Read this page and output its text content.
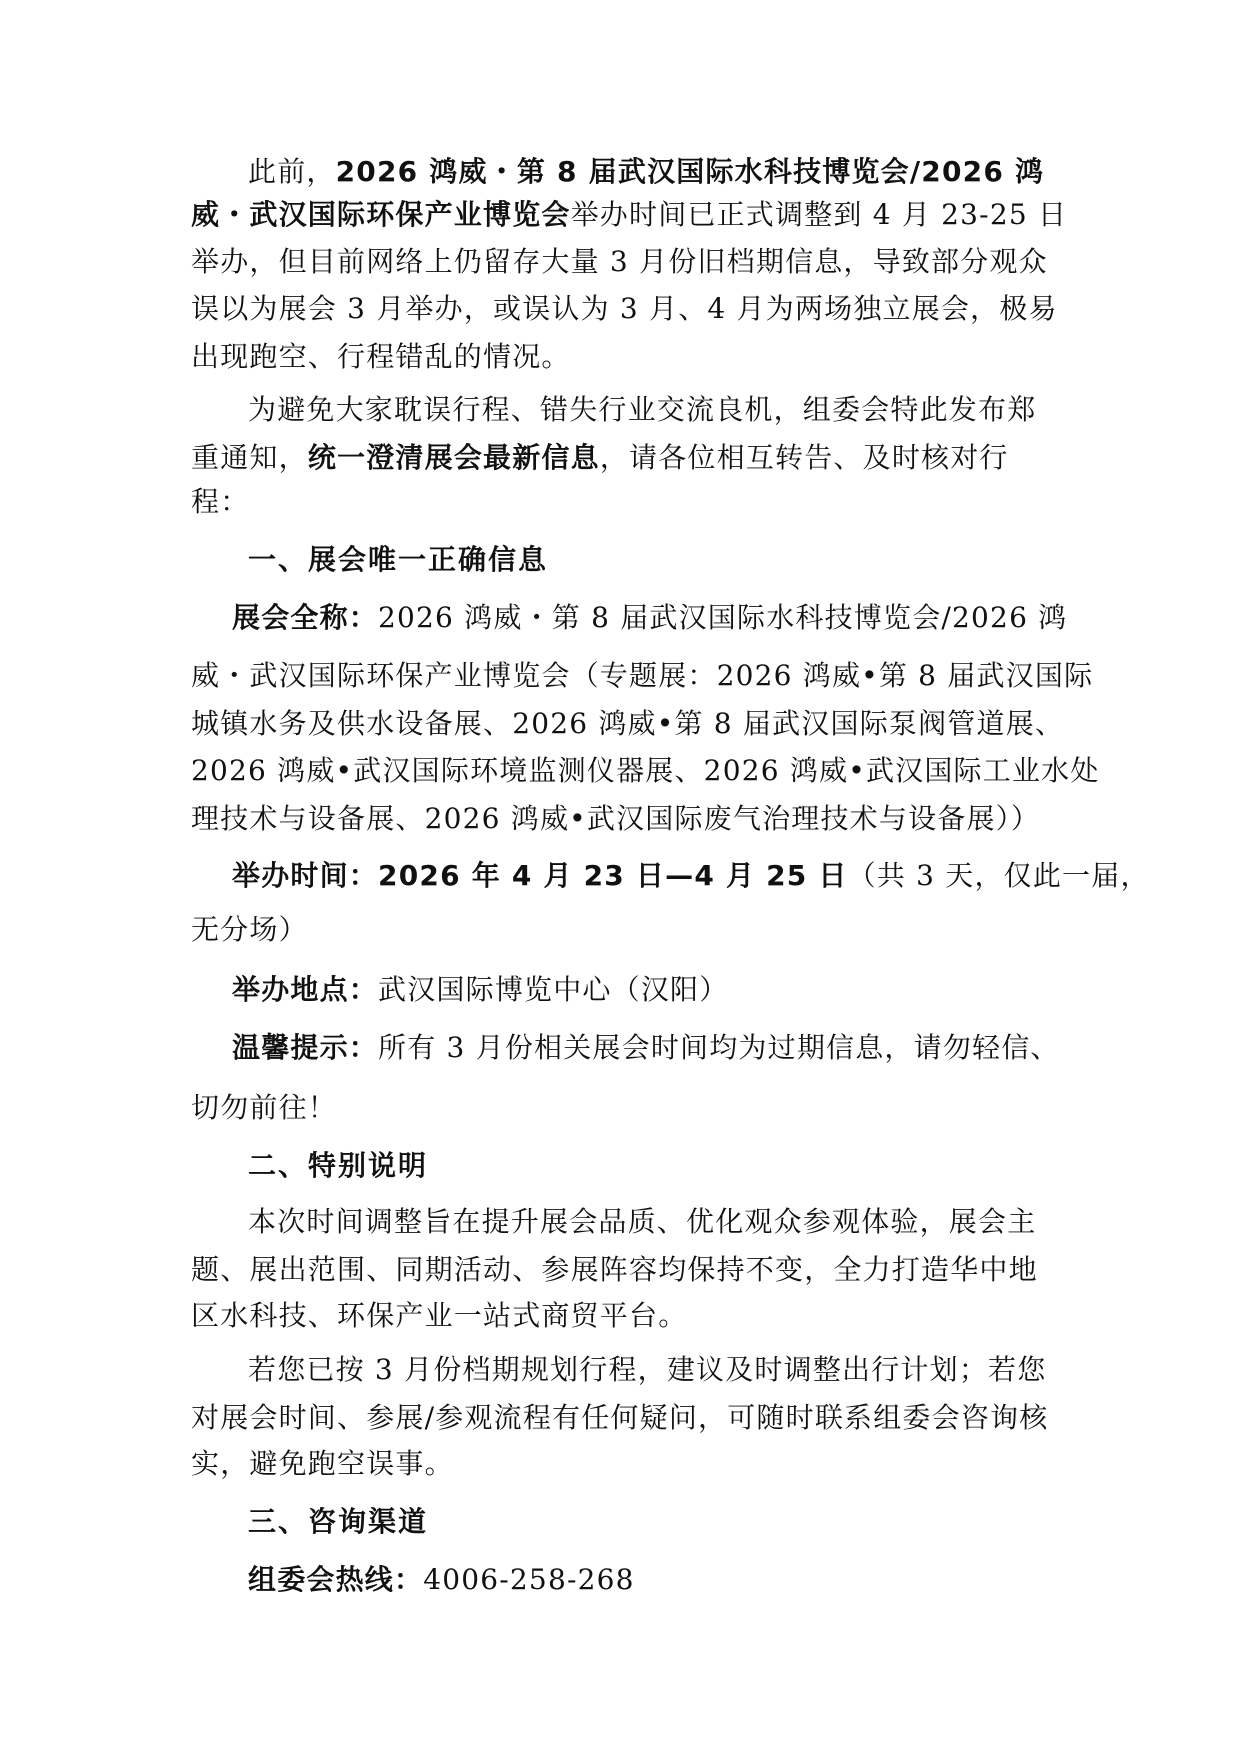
此前，2026 鸿威・第 8 届武汉国际水科技博览会/2026 鸿
威・武汉国际环保产业博览会举办时间已正式调整到 4 月 23-25 日
举办，但目前网络上仍留存大量 3 月份旧档期信息，导致部分观众
误以为展会 3 月举办，或误认为 3 月、4 月为两场独立展会，极易
出现跑空、行程错乱的情况。
为避免大家耽误行程、错失行业交流良机，组委会特此发布郑
重通知，统一澄清展会最新信息，请各位相互转告、及时核对行
程：
一、展会唯一正确信息
展会全称：2026 鸿威・第 8 届武汉国际水科技博览会/2026 鸿
威・武汉国际环保产业博览会（专题展：2026 鸿威•第 8 届武汉国际
城镇水务及供水设备展、2026 鸿威•第 8 届武汉国际泵阀管道展、
2026 鸿威•武汉国际环境监测仪器展、2026 鸿威•武汉国际工业水处
理技术与设备展、2026 鸿威•武汉国际废气治理技术与设备展））
举办时间：2026 年 4 月 23 日—4 月 25 日（共 3 天，仅此一届，
无分场）
举办地点：武汉国际博览中心（汉阳）
温馨提示：所有 3 月份相关展会时间均为过期信息，请勿轻信、
切勿前往！
二、特别说明
本次时间调整旨在提升展会品质、优化观众参观体验，展会主
题、展出范围、同期活动、参展阵容均保持不变，全力打造华中地
区水科技、环保产业一站式商贸平台。
若您已按 3 月份档期规划行程，建议及时调整出行计划；若您
对展会时间、参展/参观流程有任何疑问，可随时联系组委会咨询核
实，避免跑空误事。
三、咨询渠道
组委会热线：4006-258-268
